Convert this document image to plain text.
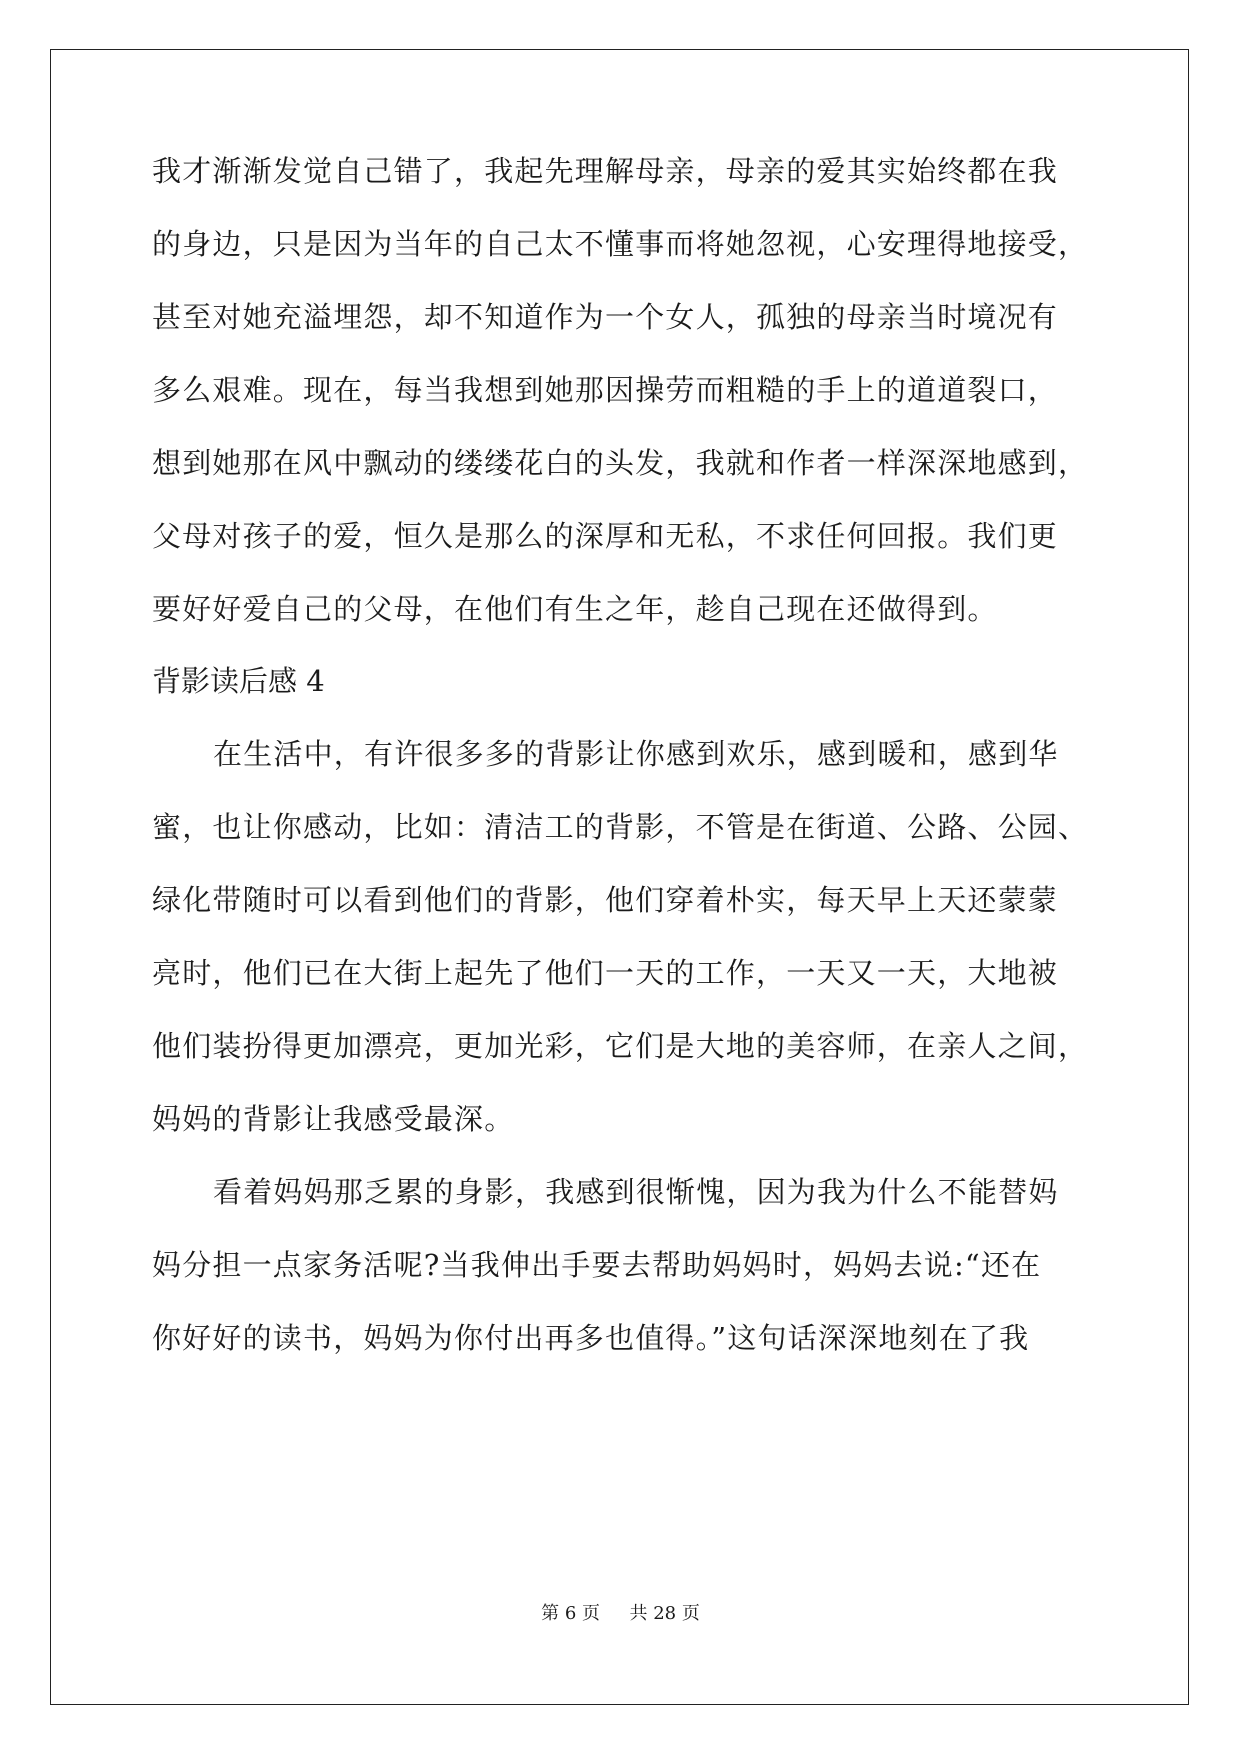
我才渐渐发觉自己错了，我起先理解母亲，母亲的爱其实始终都在我
的身边，只是因为当年的自己太不懂事而将她忽视，心安理得地接受，
甚至对她充溢埋怨，却不知道作为一个女人，孤独的母亲当时境况有
多么艰难。现在，每当我想到她那因操劳而粗糙的手上的道道裂口，
想到她那在风中飘动的缕缕花白的头发，我就和作者一样深深地感到，
父母对孩子的爱，恒久是那么的深厚和无私，不求任何回报。我们更
要好好爱自己的父母，在他们有生之年，趁自己现在还做得到。
背影读后感 4
在生活中，有许很多多的背影让你感到欢乐，感到暖和，感到华
蜜，也让你感动，比如：清洁工的背影，不管是在街道、公路、公园、
绿化带随时可以看到他们的背影，他们穿着朴实，每天早上天还蒙蒙
亮时，他们已在大街上起先了他们一天的工作，一天又一天，大地被
他们装扮得更加漂亮，更加光彩，它们是大地的美容师，在亲人之间，
妈妈的背影让我感受最深。
看着妈妈那乏累的身影，我感到很惭愧，因为我为什么不能替妈
妈分担一点家务活呢?当我伸出手要去帮助妈妈时，妈妈去说:“还在
你好好的读书，妈妈为你付出再多也值得。”这句话深深地刻在了我
第 6 页 共 28 页
